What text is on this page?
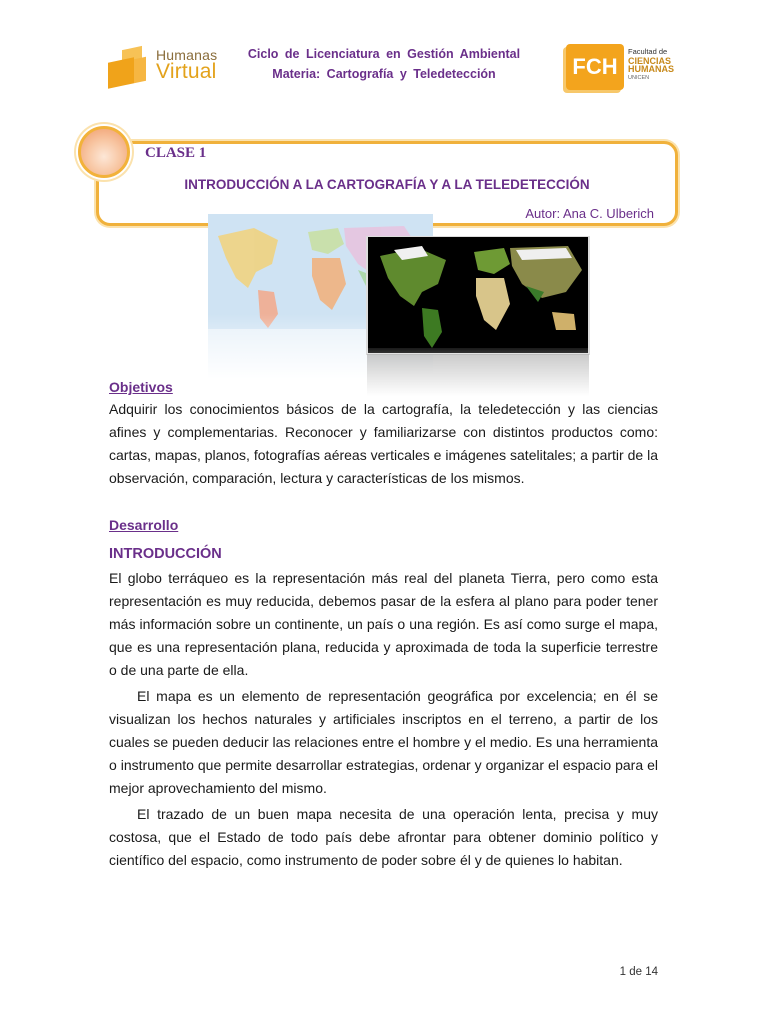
Humanas
Virtual
Ciclo de Licenciatura en Gestión Ambiental
Materia: Cartografía y Teledetección	FCH
Facultad de
CIENCIAS
HUMANAS
UNICEN
CLASE 1
INTRODUCCIÓN A LA CARTOGRAFÍA Y A LA TELEDETECCIÓN
Autor: Ana C. Ulberich
Objetivos
Adquirir los conocimientos básicos de la cartografía, la teledetección y las ciencias afines y complementarias. Reconocer y familiarizarse con distintos productos como: cartas, mapas, planos, fotografías aéreas verticales e imágenes satelitales; a partir de la observación, comparación, lectura y características de los mismos.
Desarrollo
INTRODUCCIÓN
El globo terráqueo es la representación más real del planeta Tierra, pero como esta representación es muy reducida, debemos pasar de la esfera al plano para poder tener más información sobre un continente, un país o una región. Es así como surge el mapa, que es una representación plana, reducida y aproximada de toda la superficie terrestre o de una parte de ella.
El mapa es un elemento de representación geográfica por excelencia; en él se visualizan los hechos naturales y artificiales inscriptos en el terreno, a partir de los cuales se pueden deducir las relaciones entre el hombre y el medio. Es una herramienta o instrumento que permite desarrollar estrategias, ordenar y organizar el espacio para el mejor aprovechamiento del mismo.
El trazado de un buen mapa necesita de una operación lenta, precisa y muy costosa, que el Estado de todo país debe afrontar para obtener dominio político y científico del espacio, como instrumento de poder sobre él y de quienes lo habitan.
1 de 14
